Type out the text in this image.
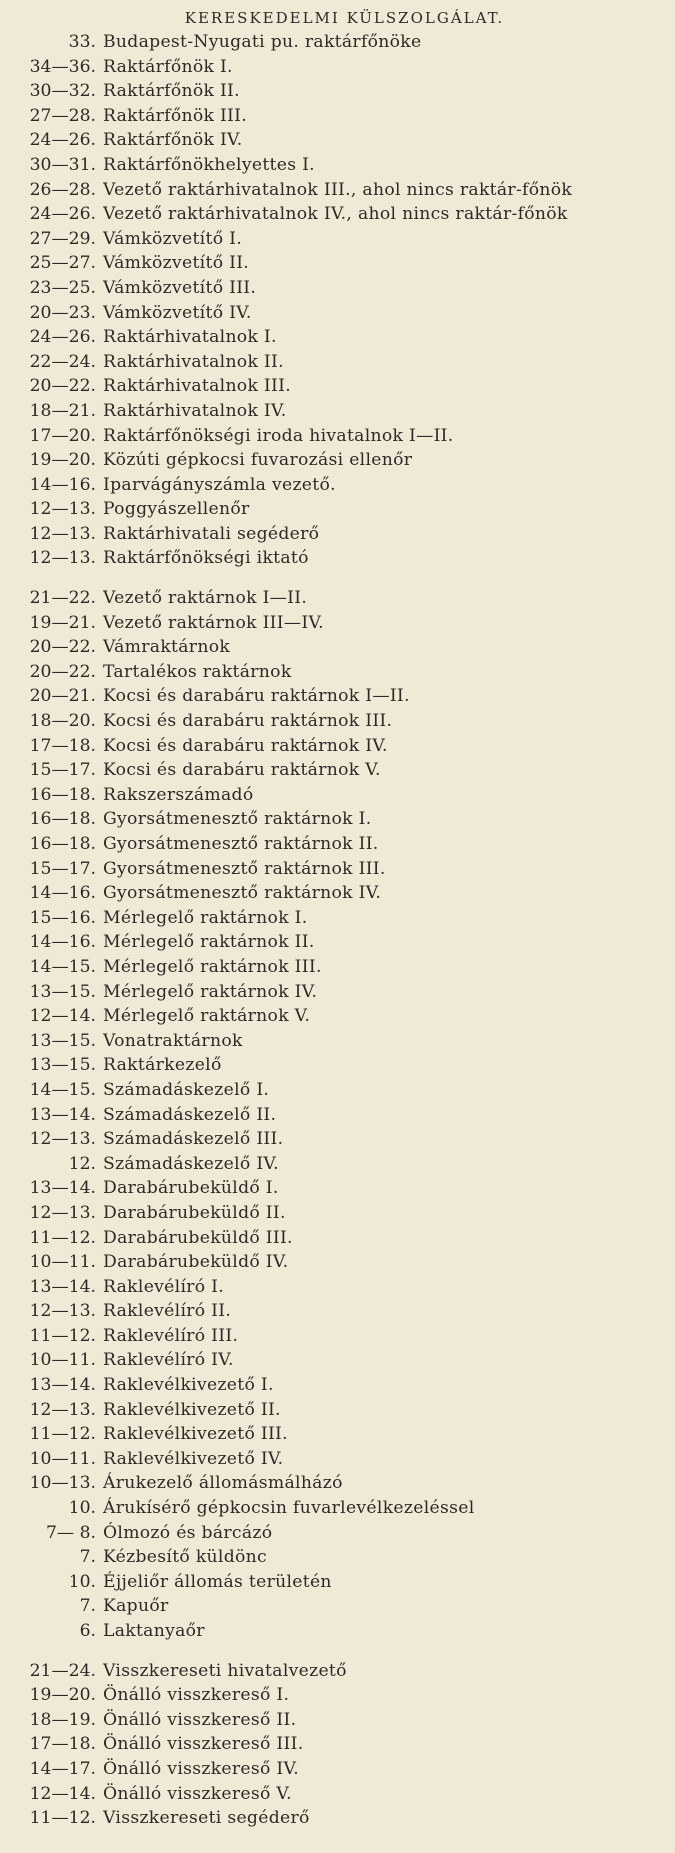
KERESKEDELMI KÜLSZOLGÁLAT.
33. Budapest-Nyugati pu. raktárfőnöke
34—36. Raktárfőnök I.
30—32. Raktárfőnök II.
27—28. Raktárfőnök III.
24—26. Raktárfőnök IV.
30—31. Raktárfőnökhelyettes I.
26—28. Vezető raktárhivatalnok III., ahol nincs raktár-főnök
24—26. Vezető raktárhivatalnok IV., ahol nincs raktár-főnök
27—29. Vámközvetítő I.
25—27. Vámközvetítő II.
23—25. Vámközvetítő III.
20—23. Vámközvetítő IV.
24—26. Raktárhivatalnok I.
22—24. Raktárhivatalnok II.
20—22. Raktárhivatalnok III.
18—21. Raktárhivatalnok IV.
17—20. Raktárfőnökségi iroda hivatalnok I—II.
19—20. Közúti gépkocsi fuvarozási ellenőr
14—16. Iparvágányszámla vezető.
12—13. Poggyászellenőr
12—13. Raktárhivatali segéderő
12—13. Raktárfőnökségi iktató
21—22. Vezető raktárnok I—II.
19—21. Vezető raktárnok III—IV.
20—22. Vámraktárnok
20—22. Tartalékos raktárnok
20—21. Kocsi és darabáru raktárnok I—II.
18—20. Kocsi és darabáru raktárnok III.
17—18. Kocsi és darabáru raktárnok IV.
15—17. Kocsi és darabáru raktárnok V.
16—18. Rakszerszámadó
16—18. Gyorsátmenesztő raktárnok I.
16—18. Gyorsátmenesztő raktárnok II.
15—17. Gyorsátmenesztő raktárnok III.
14—16. Gyorsátmenesztő raktárnok IV.
15—16. Mérlegelő raktárnok I.
14—16. Mérlegelő raktárnok II.
14—15. Mérlegelő raktárnok III.
13—15. Mérlegelő raktárnok IV.
12—14. Mérlegelő raktárnok V.
13—15. Vonatraktárnok
13—15. Raktárkezelő
14—15. Számadáskezelő I.
13—14. Számadáskezelő II.
12—13. Számadáskezelő III.
12. Számadáskezelő IV.
13—14. Darabárubeküldő I.
12—13. Darabárubeküldő II.
11—12. Darabárubeküldő III.
10—11. Darabárubeküldő IV.
13—14. Raklevélíró I.
12—13. Raklevélíró II.
11—12. Raklevélíró III.
10—11. Raklevélíró IV.
13—14. Raklevélkivezető I.
12—13. Raklevélkivezető II.
11—12. Raklevélkivezető III.
10—11. Raklevélkivezető IV.
10—13. Árukezelő állomásmálházó
10. Árukísérő gépkocsin fuvarlevélkezeléssel
7— 8. Ólmozó és bárcázó
7. Kézbesítő küldönc
10. Éjjeliőr állomás területén
7. Kapuőr
6. Laktanyaőr
21—24. Visszkereseti hivatalvezető
19—20. Önálló visszkereső I.
18—19. Önálló visszkereső II.
17—18. Önálló visszkereső III.
14—17. Önálló visszkereső IV.
12—14. Önálló visszkereső V.
11—12. Visszkereseti segéderő
